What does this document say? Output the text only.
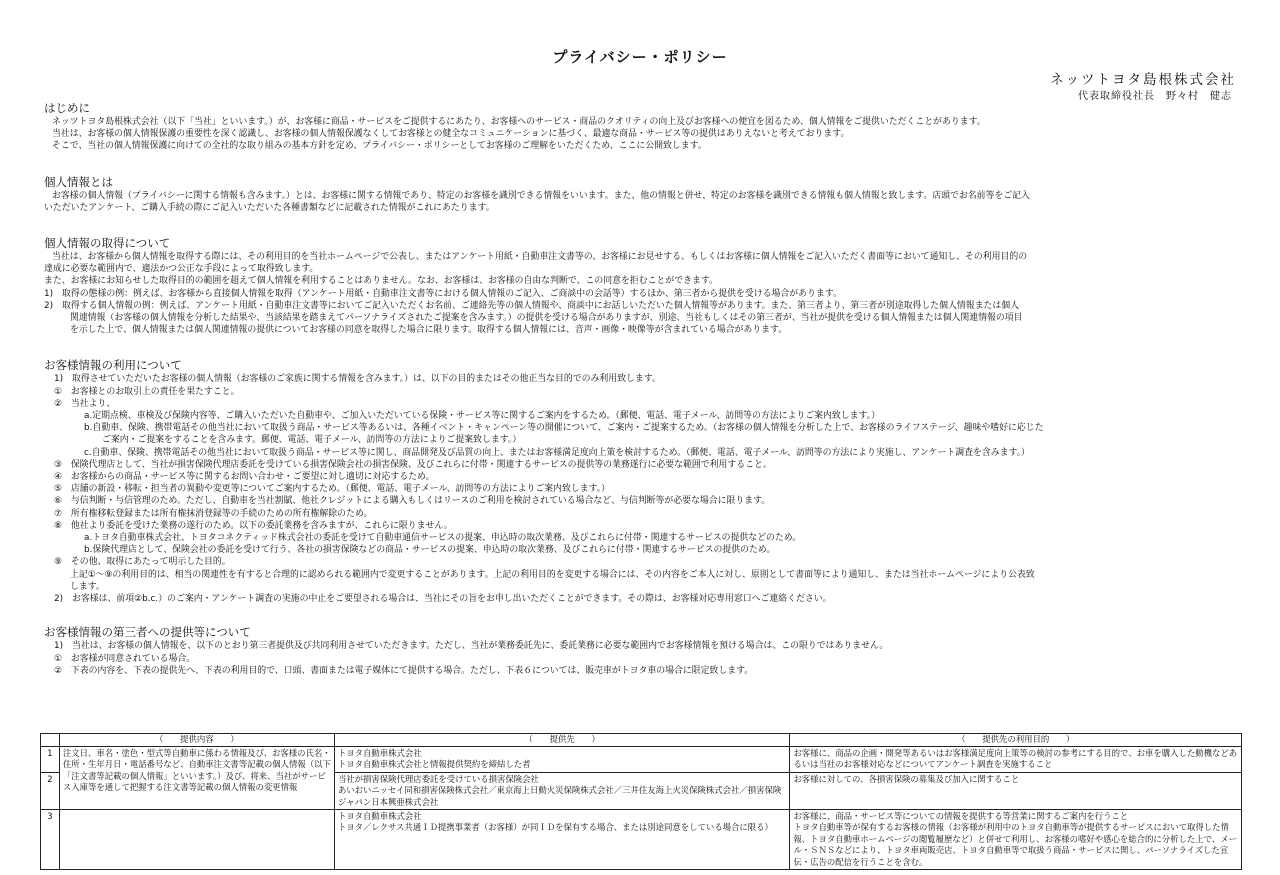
プライバシー・ポリシー
ネッツトヨタ島根株式会社
代表取締役社長　野々村　健志
はじめに
ネッツトヨタ島根株式会社（以下「当社」といいます。）が、お客様に商品・サービスをご提供するにあたり、お客様へのサービス・商品のクオリティの向上及びお客様への便宜を図るため、個人情報をご提供いただくことがあります。
当社は、お客様の個人情報保護の重要性を深く認識し、お客様の個人情報保護なくしてお客様との健全なコミュニケーションに基づく、最適な商品・サービス等の提供はありえないと考えております。
そこで、当社の個人情報保護に向けての全社的な取り組みの基本方針を定め、プライバシー・ポリシーとしてお客様のご理解をいただくため、ここに公開致します。
個人情報とは
お客様の個人情報（プライバシーに関する情報も含みます。）とは、お客様に関する情報であり、特定のお客様を識別できる情報をいいます。また、他の情報と併せ、特定のお客様を識別できる情報も個人情報と致します。店頭でお名前等をご記入
いただいたアンケート、ご購入手続の際にご記入いただいた各種書類などに記載された情報がこれにあたります。
個人情報の取得について
当社は、お客様から個人情報を取得する際には、その利用目的を当社ホームページで公表し、またはアンケート用紙・自動車注文書等の、お客様にお見せする、もしくはお客様に個人情報をご記入いただく書面等において通知し、その利用目的の
達成に必要な範囲内で、適法かつ公正な手段によって取得致します。
また、お客様にお知らせした取得目的の範囲を超えて個人情報を利用することはありません。なお、お客様は、お客様の自由な判断で、この同意を拒むことができます。
1)　取得の態様の例：例えば、お客様から直接個人情報を取得（アンケート用紙・自動車注文書等における個人情報のご記入、ご商談中の会話等）するほか、第三者から提供を受ける場合があります。
2)　取得する個人情報の例：例えば、アンケート用紙・自動車注文書等においてご記入いただくお名前、ご連絡先等の個人情報や、商談中にお話しいただいた個人情報等があります。また、第三者より、第三者が別途取得した個人情報または個人
関連情報（お客様の個人情報を分析した結果や、当該結果を踏まえてパーソナライズされたご提案を含みます。）の提供を受ける場合がありますが、別途、当社もしくはその第三者が、当社が提供を受ける個人情報または個人関連情報の項目
を示した上で、個人情報または個人関連情報の提供についてお客様の同意を取得した場合に限ります。取得する個人情報には、音声・画像・映像等が含まれている場合があります。
お客様情報の利用について
1)　取得させていただいたお客様の個人情報（お客様のご家族に関する情報を含みます。）は、以下の目的またはその他正当な目的でのみ利用致します。
①　お客様とのお取引上の責任を果たすこと。
②　当社より、
a.定期点検、車検及び保険内容等、ご購入いただいた自動車や、ご加入いただいている保険・サービス等に関するご案内をするため。（郵便、電話、電子メール、訪問等の方法によりご案内致します。）
b.自動車、保険、携帯電話その他当社において取扱う商品・サービス等あるいは、各種イベント・キャンペーン等の開催について、ご案内・ご提案するため。（お客様の個人情報を分析した上で、お客様のライフステージ、趣味や嗜好に応じた
ご案内・ご提案をすることを含みます。郵便、電話、電子メール、訪問等の方法によりご提案致します。）
c.自動車、保険、携帯電話その他当社において取扱う商品・サービス等に関し、商品開発及び品質の向上、またはお客様満足度向上策を検討するため。（郵便、電話、電子メール、訪問等の方法により実施し、アンケート調査を含みます。）
③　保険代理店として、当社が損害保険代理店委託を受けている損害保険会社の損害保険、及びこれらに付帯・関連するサービスの提供等の業務遂行に必要な範囲で利用すること。
④　お客様からの商品・サービス等に関するお問い合わせ・ご要望に対し適切に対応するため。
⑤　店舗の新設・移転・担当者の異動や変更等についてご案内するため。（郵便、電話、電子メール、訪問等の方法によりご案内致します。）
⑥　与信判断・与信管理のため。ただし、自動車を当社割賦、他社クレジットによる購入もしくはリースのご利用を検討されている場合など、与信判断等が必要な場合に限ります。
⑦　所有権移転登録または所有権抹消登録等の手続のための所有権解除のため。
⑧　他社より委託を受けた業務の遂行のため。以下の委託業務を含みますが、これらに限りません。
a.トヨタ自動車株式会社、トヨタコネクティッド株式会社の委託を受けて自動車通信サービスの提案、申込時の取次業務、及びこれらに付帯・関連するサービスの提供などのため。
b.保険代理店として、保険会社の委託を受けて行う、各社の損害保険などの商品・サービスの提案、申込時の取次業務、及びこれらに付帯・関連するサービスの提供のため。
⑨　その他、取得にあたって明示した目的。
上記①～⑨の利用目的は、相当の関連性を有すると合理的に認められる範囲内で変更することがあります。上記の利用目的を変更する場合には、その内容をご本人に対し、原則として書面等により通知し、または当社ホームページにより公表致
します。
2)　お客様は、前項②b.c.）のご案内・アンケート調査の実施の中止をご要望される場合は、当社にその旨をお申し出いただくことができます。その際は、お客様対応専用窓口へご連絡ください。
お客様情報の第三者への提供等について
1)　当社は、お客様の個人情報を、以下のとおり第三者提供及び共同利用させていただきます。ただし、当社が業務委託先に、委託業務に必要な範囲内でお客様情報を預ける場合は、この限りではありません。
①　お客様が同意されている場合。
②　下表の内容を、下表の提供先へ、下表の利用目的で、口頭、書面または電子媒体にて提供する場合。ただし、下表６については、販売車がトヨタ車の場合に限定致します。
	（　　提供内容　　）	（　　提供先　　）	（　　提供先の利用目的　　）
1	注文日、車名・塗色・型式等自動車に係わる情報及び、お客様の氏名・住所・生年月日・電話番号など、自動車注文書等記載の個人情報（以下「注文書等記載の個人情報」といいます。）及び、将来、当社がサービス入庫等を通して把握する注文書等記載の個人情報の変更情報	トヨタ自動車株式会社
トヨタ自動車株式会社と情報提供契約を締結した者	お客様に、商品の企画・開発等あるいはお客様満足度向上策等の検討の参考にする目的で、お車を購入した動機などあるいは当社のお客様対応などについてアンケート調査を実施すること
2		当社が損害保険代理店委託を受けている損害保険会社
あいおいニッセイ同和損害保険株式会社／東京海上日動火災保険株式会社／三井住友海上火災保険株式会社／損害保険ジャパン日本興亜株式会社	お客様に対しての、各損害保険の募集及び加入に関すること
3		トヨタ自動車株式会社
トヨタ／レクサス共通ＩＤ提携事業者（お客様）が同ＩＤを保有する場合、または別途同意をしている場合に限る）	お客様に、商品・サービス等についての情報を提供する等営業に関するご案内を行うこと
トヨタ自動車等が保有するお客様の情報（お客様が利用中のトヨタ自動車等が提供するサービスにおいて取得した情報、トヨタ自動車ホームページの閲覧履歴など）と併せて利用し、お客様の嗜好や感心を総合的に分析した上で、メール・ＳＮＳなどにより、トヨタ車両販売店、トヨタ自動車等で取扱う商品・サービスに関し、パーソナライズした宣伝・広告の配信を行うことを含む。
